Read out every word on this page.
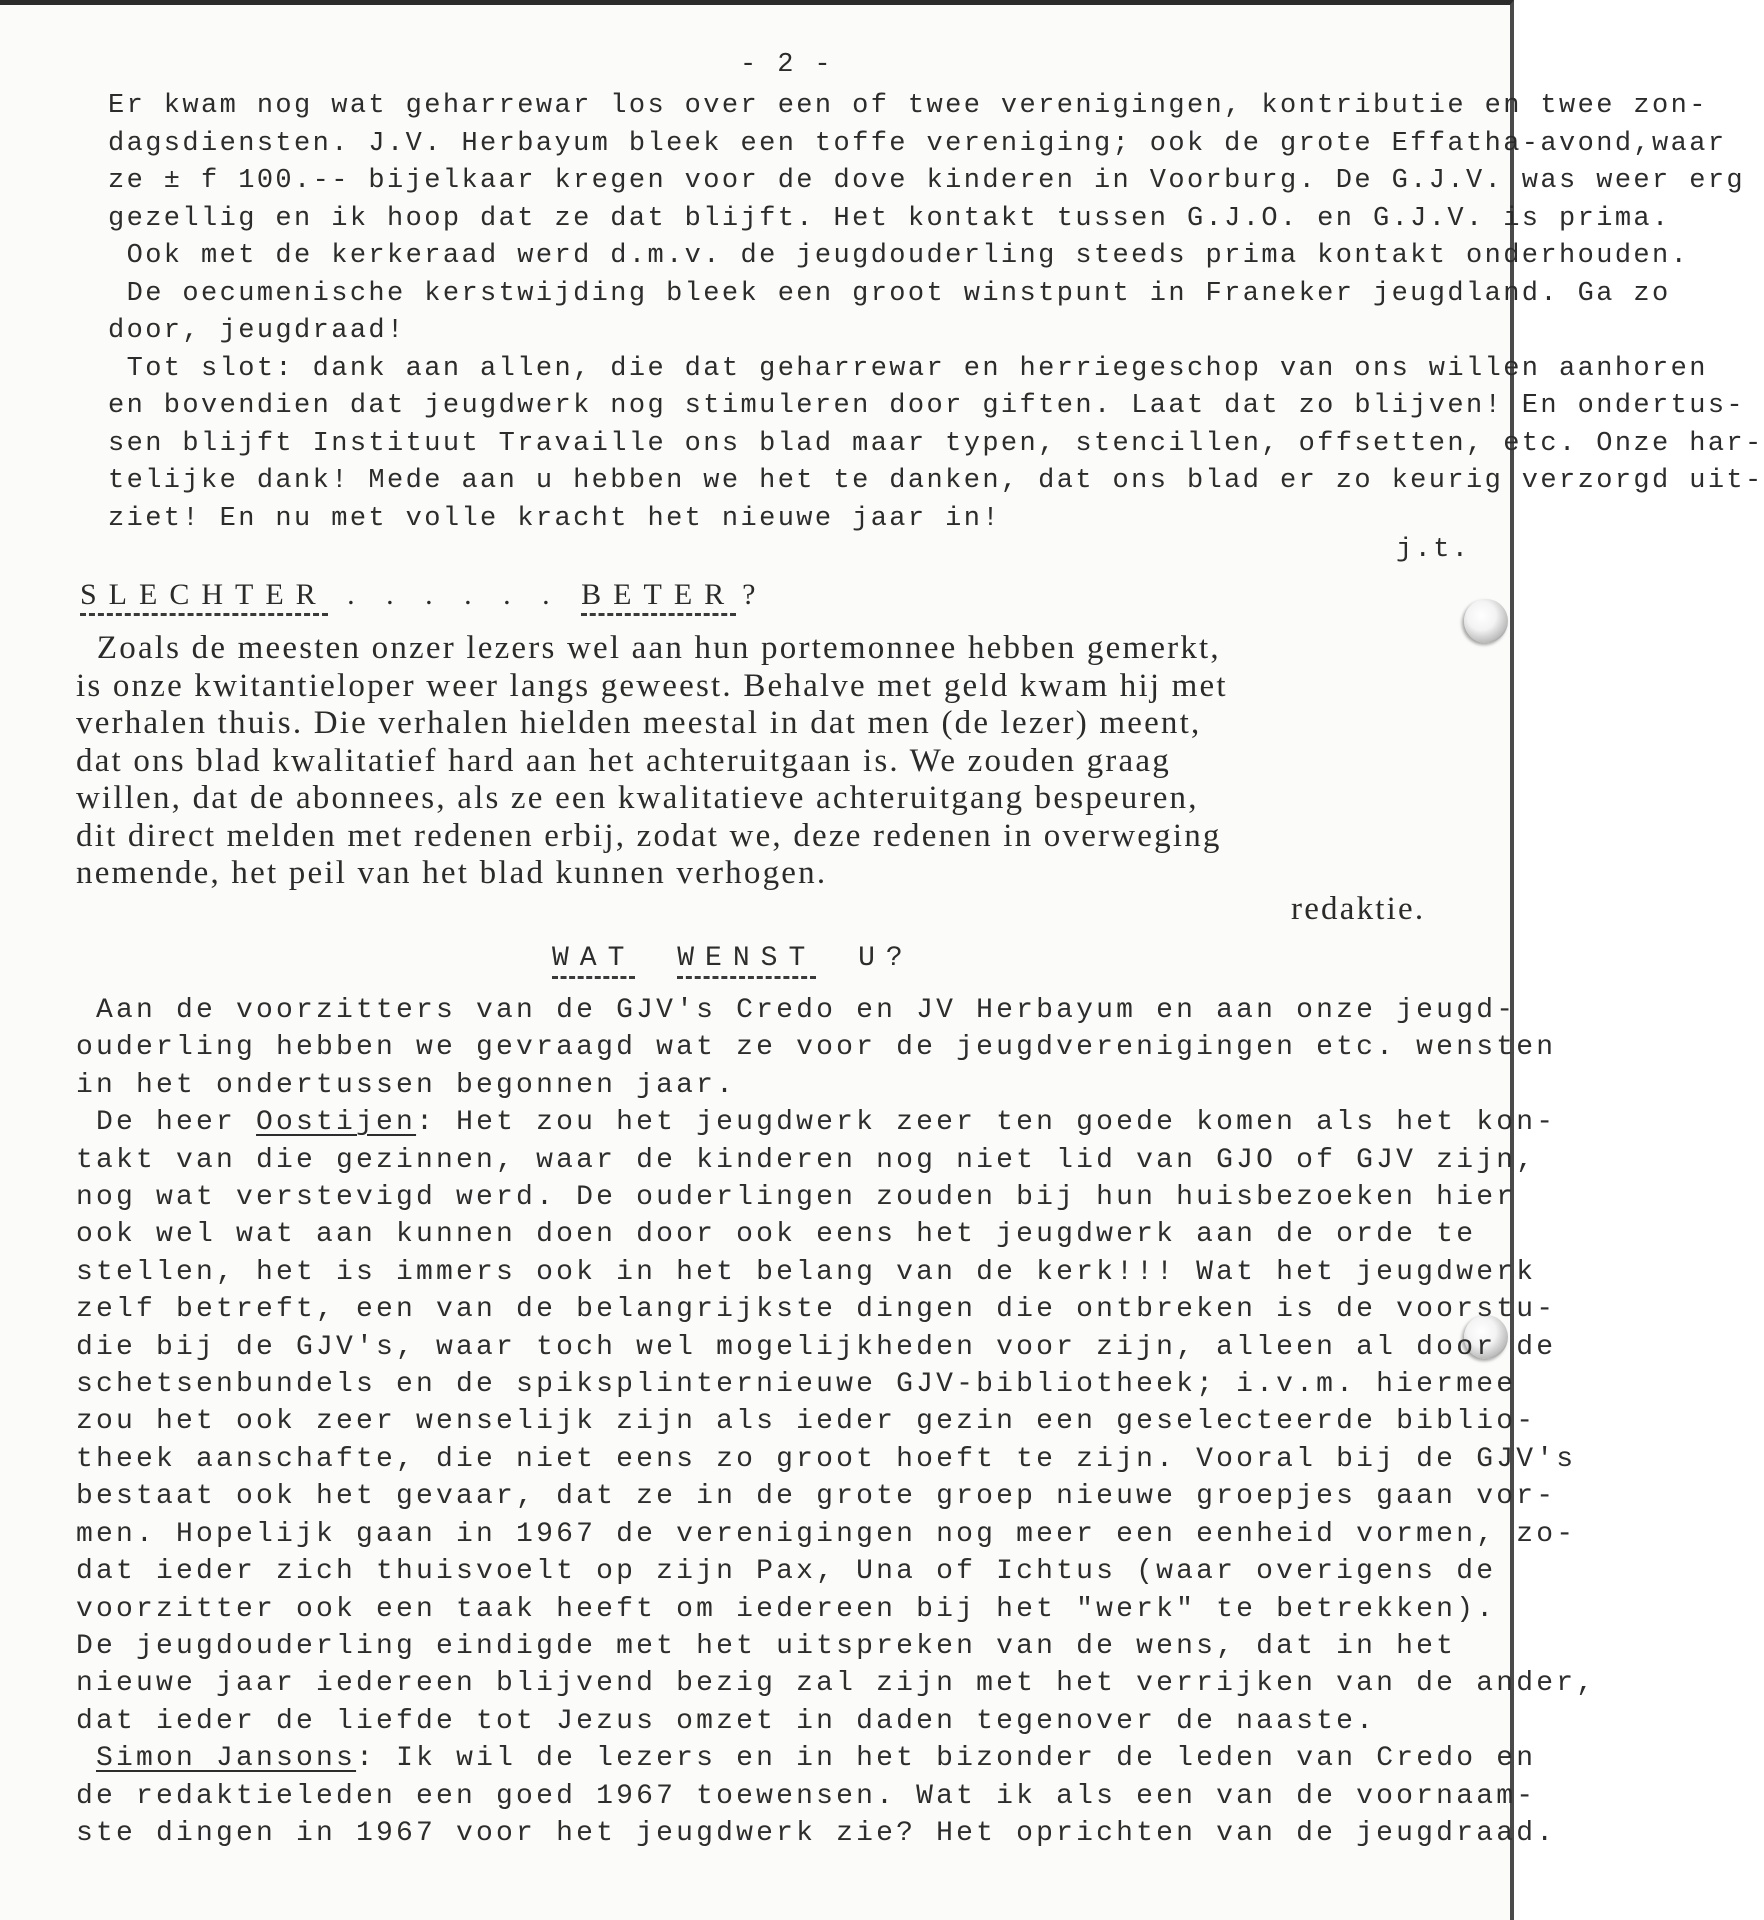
- 2 -
Er kwam nog wat geharrewar los over een of twee verenigingen, kontributie en twee zon-
dagsdiensten. J.V. Herbayum bleek een toffe vereniging; ook de grote Effatha-avond,waar
ze ± f 100.-- bijelkaar kregen voor de dove kinderen in Voorburg. De G.J.V. was weer erg
gezellig en ik hoop dat ze dat blijft. Het kontakt tussen G.J.O. en G.J.V. is prima.
Ook met de kerkeraad werd d.m.v. de jeugdouderling steeds prima kontakt onderhouden.
De oecumenische kerstwijding bleek een groot winstpunt in Franeker jeugdland. Ga zo
door, jeugdraad!
Tot slot: dank aan allen, die dat geharrewar en herriegeschop van ons willen aanhoren
en bovendien dat jeugdwerk nog stimuleren door giften. Laat dat zo blijven! En ondertus-
sen blijft Instituut Travaille ons blad maar typen, stencillen, offsetten, etc. Onze har-
telijke dank! Mede aan u hebben we het te danken, dat ons blad er zo keurig verzorgd uit-
ziet! En nu met volle kracht het nieuwe jaar in!
j.t.
SLECHTER . . . . . . BETER ?
Zoals de meesten onzer lezers wel aan hun portemonnee hebben gemerkt,
is onze kwitantieloper weer langs geweest. Behalve met geld kwam hij met
verhalen thuis. Die verhalen hielden meestal in dat men (de lezer) meent,
dat ons blad kwalitatief hard aan het achteruitgaan is. We zouden graag
willen, dat de abonnees, als ze een kwalitatieve achteruitgang bespeuren,
dit direct melden met redenen erbij, zodat we, deze redenen in overweging
nemende, het peil van het blad kunnen verhogen.
redaktie.
WAT WENST U?
Aan de voorzitters van de GJV's Credo en JV Herbayum en aan onze jeugd-
ouderling hebben we gevraagd wat ze voor de jeugdverenigingen etc. wensten
in het ondertussen begonnen jaar.
De heer Oostijen: Het zou het jeugdwerk zeer ten goede komen als het kon-
takt van die gezinnen, waar de kinderen nog niet lid van GJO of GJV zijn,
nog wat verstevigd werd. De ouderlingen zouden bij hun huisbezoeken hier
ook wel wat aan kunnen doen door ook eens het jeugdwerk aan de orde te
stellen, het is immers ook in het belang van de kerk!!! Wat het jeugdwerk
zelf betreft, een van de belangrijkste dingen die ontbreken is de voorstu-
die bij de GJV's, waar toch wel mogelijkheden voor zijn, alleen al door de
schetsenbundels en de spiksplinternieuwe GJV-bibliotheek; i.v.m. hiermee
zou het ook zeer wenselijk zijn als ieder gezin een geselecteerde biblio-
theek aanschafte, die niet eens zo groot hoeft te zijn. Vooral bij de GJV's
bestaat ook het gevaar, dat ze in de grote groep nieuwe groepjes gaan vor-
men. Hopelijk gaan in 1967 de verenigingen nog meer een eenheid vormen, zo-
dat ieder zich thuisvoelt op zijn Pax, Una of Ichtus (waar overigens de
voorzitter ook een taak heeft om iedereen bij het "werk" te betrekken).
De jeugdouderling eindigde met het uitspreken van de wens, dat in het
nieuwe jaar iedereen blijvend bezig zal zijn met het verrijken van de ander,
dat ieder de liefde tot Jezus omzet in daden tegenover de naaste.
Simon Jansons: Ik wil de lezers en in het bizonder de leden van Credo en
de redaktieleden een goed 1967 toewensen. Wat ik als een van de voornaam-
ste dingen in 1967 voor het jeugdwerk zie? Het oprichten van de jeugdraad.
